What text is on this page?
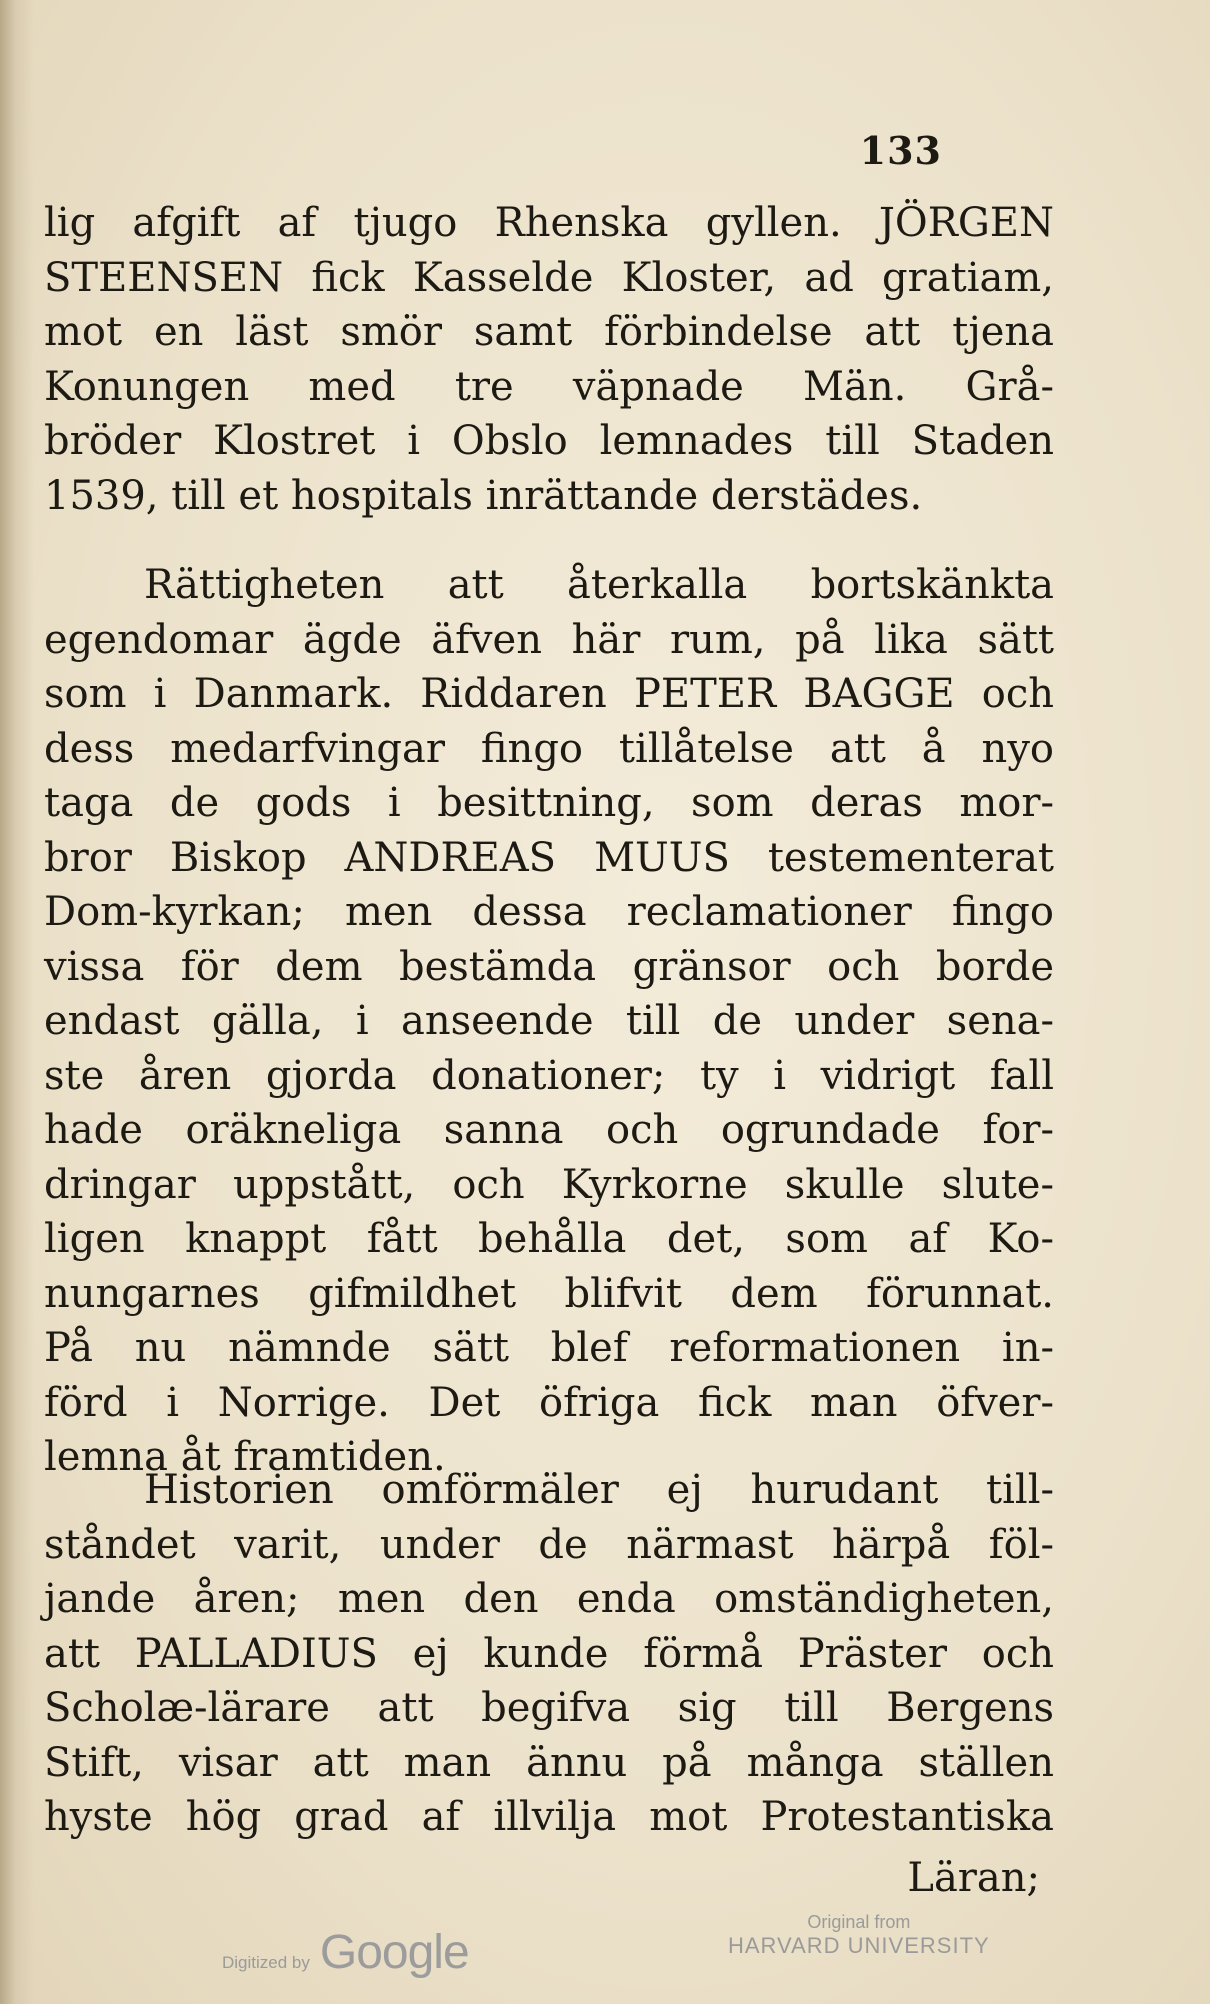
133
lig afgift af tjugo Rhenska gyllen. JÖRGEN
STEENSEN fick Kasselde Kloster, ad gratiam,
mot en läst smör samt förbindelse att tjena
Konungen med tre väpnade Män. Grå-
bröder Klostret i Obslo lemnades till Staden
1539, till et hospitals inrättande derstädes.
Rättigheten att återkalla bortskänkta
egendomar ägde äfven här rum, på lika sätt
som i Danmark. Riddaren PETER BAGGE och
dess medarfvingar fingo tillåtelse att å nyo
taga de gods i besittning, som deras mor-
bror Biskop ANDREAS MUUS testementerat
Dom-kyrkan; men dessa reclamationer fingo
vissa för dem bestämda gränsor och borde
endast gälla, i anseende till de under sena-
ste åren gjorda donationer; ty i vidrigt fall
hade oräkneliga sanna och ogrundade for-
dringar uppstått, och Kyrkorne skulle slute-
ligen knappt fått behålla det, som af Ko-
nungarnes gifmildhet blifvit dem förunnat.
På nu nämnde sätt blef reformationen in-
förd i Norrige. Det öfriga fick man öfver-
lemna åt framtiden.
Historien omförmäler ej hurudant till-
ståndet varit, under de närmast härpå föl-
jande åren; men den enda omständigheten,
att PALLADIUS ej kunde förmå Präster och
Scholæ-lärare att begifva sig till Bergens
Stift, visar att man ännu på många ställen
hyste hög grad af illvilja mot Protestantiska
Läran;
Digitized by Google
Original from
HARVARD UNIVERSITY
